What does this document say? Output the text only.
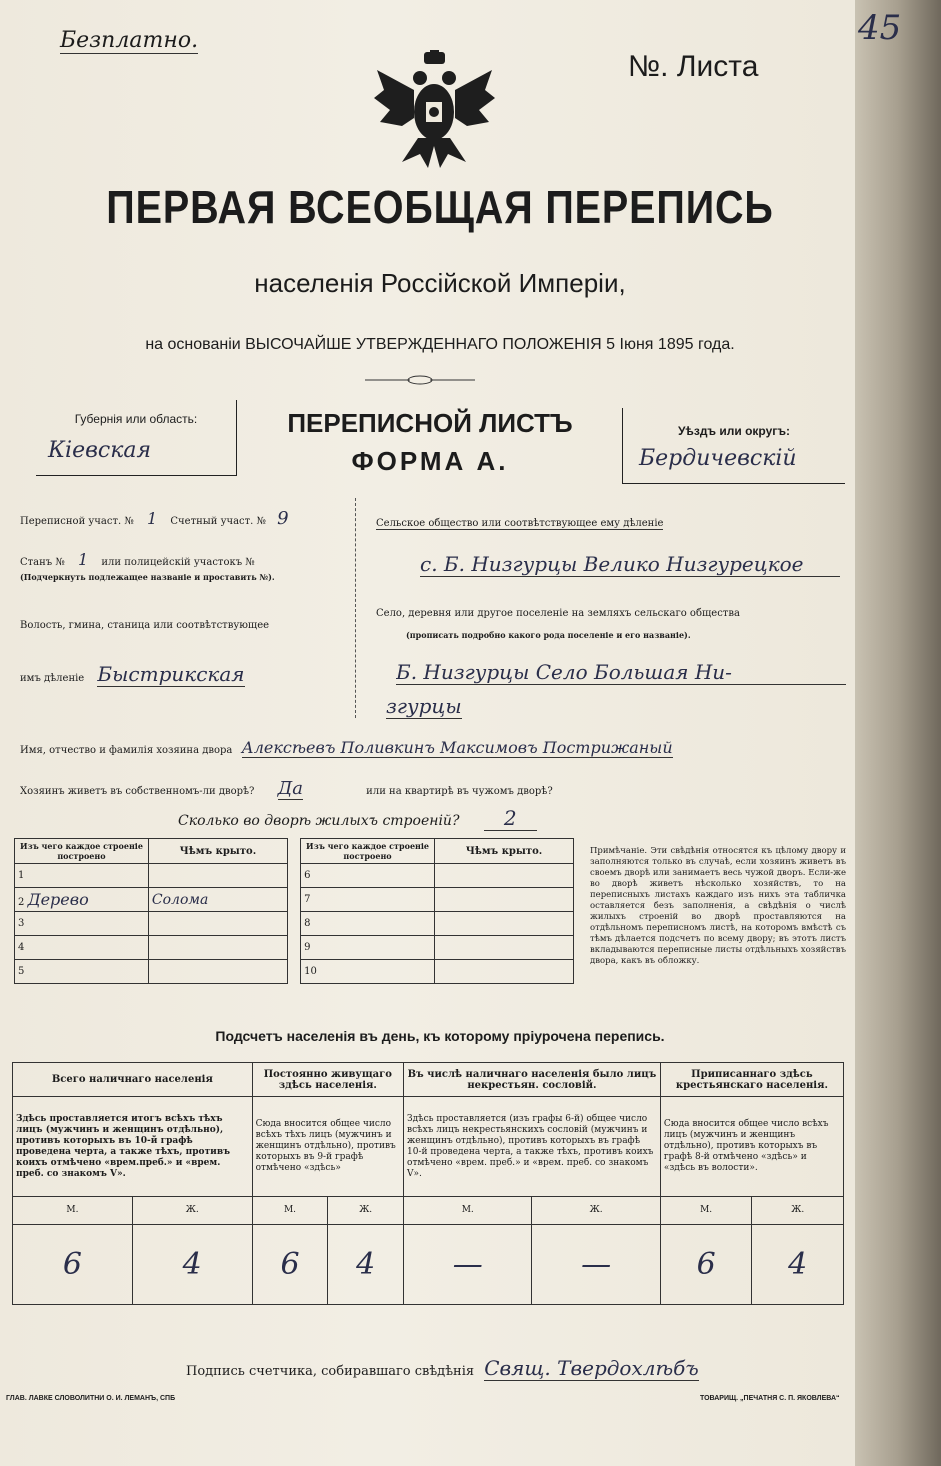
Безплатно.
№. Листа
45
ПЕРВАЯ ВСЕОБЩАЯ ПЕРЕПИСЬ
населенія Россійской Имперіи,
на основаніи ВЫСОЧАЙШЕ УТВЕРЖДЕННАГО ПОЛОЖЕНІЯ 5 Іюня 1895 года.
Губернія или область:
Кіевская
ПЕРЕПИСНОЙ ЛИСТЪ
ФОРМА А.
Уѣздъ или округъ:
Бердичевскій
Переписной участ. № 1 Счетный участ. № 9
Станъ № 1 или полицейскій участокъ №
(Подчеркнуть подлежащее названіе и проставить №).
Волость, гмина, станица или соотвѣтствующее
имъ дѣленіе Быстрикская
Сельское общество или соотвѣтствующее ему дѣленіе
с. Б. Низгурцы Велико Низгурецкое
Село, деревня или другое поселеніе на земляхъ сельскаго общества
(прописать подробно какого рода поселеніе и его названіе).
Б. Низгурцы Село Большая Ни-
згурцы
Имя, отчество и фамилія хозяина двора Алексѣевъ Поливкинъ Максимовъ Пострижаный
Хозяинъ живетъ въ собственномъ-ли дворѣ? Да	или на квартирѣ въ чужомъ дворѣ?
Сколько во дворѣ жилыхъ строеній? 2
Изъ чего каждое строеніе построено	Чѣмъ крыто.		Изъ чего каждое строеніе построено	Чѣмъ крыто.
1			6	
2 Дерево	Солома		7	
3			8	
4			9	
5			10	
Примѣчаніе. Эти свѣдѣнія относятся къ цѣлому двору и заполняются только въ случаѣ, если хозяинъ живетъ въ своемъ дворѣ или занимаетъ весь чужой дворъ. Если-же во дворѣ живетъ нѣсколько хозяйствъ, то на переписныхъ листахъ каждаго изъ нихъ эта табличка оставляется безъ заполненія, а свѣдѣнія о числѣ жилыхъ строеній во дворѣ проставляются на отдѣльномъ переписномъ листѣ, на которомъ вмѣстѣ съ тѣмъ дѣлается подсчетъ по всему двору; въ этотъ листъ вкладываются переписные листы отдѣльныхъ хозяйствъ двора, какъ въ обложку.
Подсчетъ населенія въ день, къ которому пріурочена перепись.
Всего наличнаго населенія		Постоянно живущаго здѣсь населенія.		Въ числѣ наличнаго населенія было лицъ некрестьян. сословій.		Приписаннаго здѣсь крестьянскаго населенія.	
Здѣсь проставляется итогъ всѣхъ тѣхъ лицъ (мужчинъ и женщинъ отдѣльно), противъ которыхъ въ 10-й графѣ проведена черта, а также тѣхъ, противъ коихъ отмѣчено «врем.преб.» и «врем. преб. со знакомъ V».		Сюда вносится общее число всѣхъ тѣхъ лицъ (мужчинъ и женщинъ отдѣльно), противъ которыхъ въ 9-й графѣ отмѣчено «здѣсь»		Здѣсь проставляется (изъ графы 6-й) общее число всѣхъ лицъ некрестьянскихъ сословій (мужчинъ и женщинъ отдѣльно), противъ которыхъ въ графѣ 10-й проведена черта, а также тѣхъ, противъ коихъ отмѣчено «врем. преб.» и «врем. преб. со знакомъ V».		Сюда вносится общее число всѣхъ лицъ (мужчинъ и женщинъ отдѣльно), противъ которыхъ въ графѣ 8-й отмѣчено «здѣсь» и «здѣсь въ волости».	
М.	Ж.	М.	Ж.	М.	Ж.	М.	Ж.
6	4	6	4	—	—	6	4
Подпись счетчика, собиравшаго свѣдѣнія Свящ. Твердохлѣбъ
ГЛАВ. ЛАВКЕ СЛОВОЛИТНИ О. И. ЛЕМАНЪ, СПБ	ТОВАРИЩ. „ПЕЧАТНЯ С. П. ЯКОВЛЕВА“
